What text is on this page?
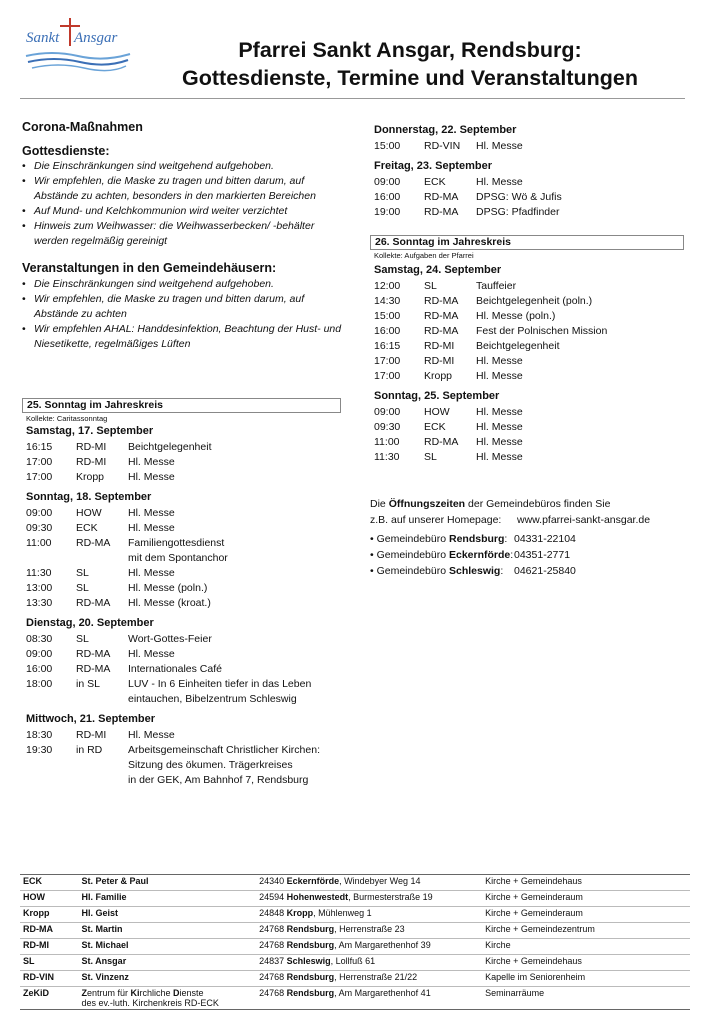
Sankt Ansgar	Pfarrei Sankt Ansgar, Rendsburg:
Gottesdienste, Termine und Veranstaltungen
Corona-Maßnahmen
Gottesdienste:
• Die Einschränkungen sind weitgehend aufgehoben.
• Wir empfehlen, die Maske zu tragen und bitten darum, auf Abstände zu achten, besonders in den markierten Bereichen
• Auf Mund- und Kelchkommunion wird weiter verzichtet
• Hinweis zum Weihwasser: die Weihwasserbecken/ -behälter werden regelmäßig gereinigt
Veranstaltungen in den Gemeindehäusern:
• Die Einschränkungen sind weitgehend aufgehoben.
• Wir empfehlen, die Maske zu tragen und bitten darum, auf Abstände zu achten
• Wir empfehlen AHAL: Handdesinfektion, Beachtung der Hust- und Niesetikette, regelmäßiges Lüften
25. Sonntag im Jahreskreis
Kollekte: Caritassonntag
Samstag, 17. September
16:15 RD-MI Beichtgelegenheit
17:00 RD-MI Hl. Messe
17:00 Kropp Hl. Messe
Sonntag, 18. September
09:00 HOW	Hl. Messe
09:30 ECK	Hl. Messe
11:00 RD-MA Familiengottesdienst
mit dem Spontanchor
11:30 SL	Hl. Messe
13:00 SL	Hl. Messe (poln.)
13:30 RD-MA Hl. Messe (kroat.)
Dienstag, 20. September
08:30 SL	Wort-Gottes-Feier
09:00 RD-MA Hl. Messe
16:00 RD-MA Internationales Café
18:00 in SL	LUV - In 6 Einheiten tiefer in das Leben
eintauchen, Bibelzentrum Schleswig
Mittwoch, 21. September
18:30 RD-MI Hl. Messe
19:30 in RD Arbeitsgemeinschaft Christlicher Kirchen:
Sitzung des ökumen. Trägerkreises
in der GEK, Am Bahnhof 7, Rendsburg
Donnerstag, 22. September
15:00 RD-VIN Hl. Messe
Freitag, 23. September
09:00 ECK	Hl. Messe
16:00 RD-MA DPSG: Wö & Jufis
19:00 RD-MA DPSG: Pfadfinder
26. Sonntag im Jahreskreis
Kollekte: Aufgaben der Pfarrei
Samstag, 24. September
12:00 SL	Tauffeier
14:30 RD-MA Beichtgelegenheit (poln.)
15:00 RD-MA Hl. Messe (poln.)
16:00 RD-MA Fest der Polnischen Mission
16:15 RD-MI Beichtgelegenheit
17:00 RD-MI Hl. Messe
17:00 Kropp Hl. Messe
Sonntag, 25. September
09:00 HOW	Hl. Messe
09:30 ECK	Hl. Messe
11:00 RD-MA Hl. Messe
11:30 SL	Hl. Messe
Die Öffnungszeiten der Gemeindebüros finden Sie
z.B. auf unserer Homepage: www.pfarrei-sankt-ansgar.de
• Gemeindebüro Rendsburg: 04331-22104
• Gemeindebüro Eckernförde: 04351-2771
• Gemeindebüro Schleswig: 04621-25840
ECK	St. Peter & Paul	24340 Eckernförde, Windebyer Weg 14	Kirche + Gemeindehaus
HOW	Hl. Familie	24594 Hohenwestedt, Burmesterstraße 19	Kirche + Gemeinderaum
Kropp	Hl. Geist	24848 Kropp, Mühlenweg 1	Kirche + Gemeinderaum
RD-MA	St. Martin	24768 Rendsburg, Herrenstraße 23	Kirche + Gemeindezentrum
RD-MI	St. Michael	24768 Rendsburg, Am Margarethenhof 39	Kirche
SL	St. Ansgar	24837 Schleswig, Lollfuß 61	Kirche + Gemeindehaus
RD-VIN	St. Vinzenz	24768 Rendsburg, Herrenstraße 21/22	Kapelle im Seniorenheim
ZeKiD	Zentrum für Kirchliche Dienste
des ev.-luth. Kirchenkreis RD-ECK	24768 Rendsburg, Am Margarethenhof 41	Seminarräume
